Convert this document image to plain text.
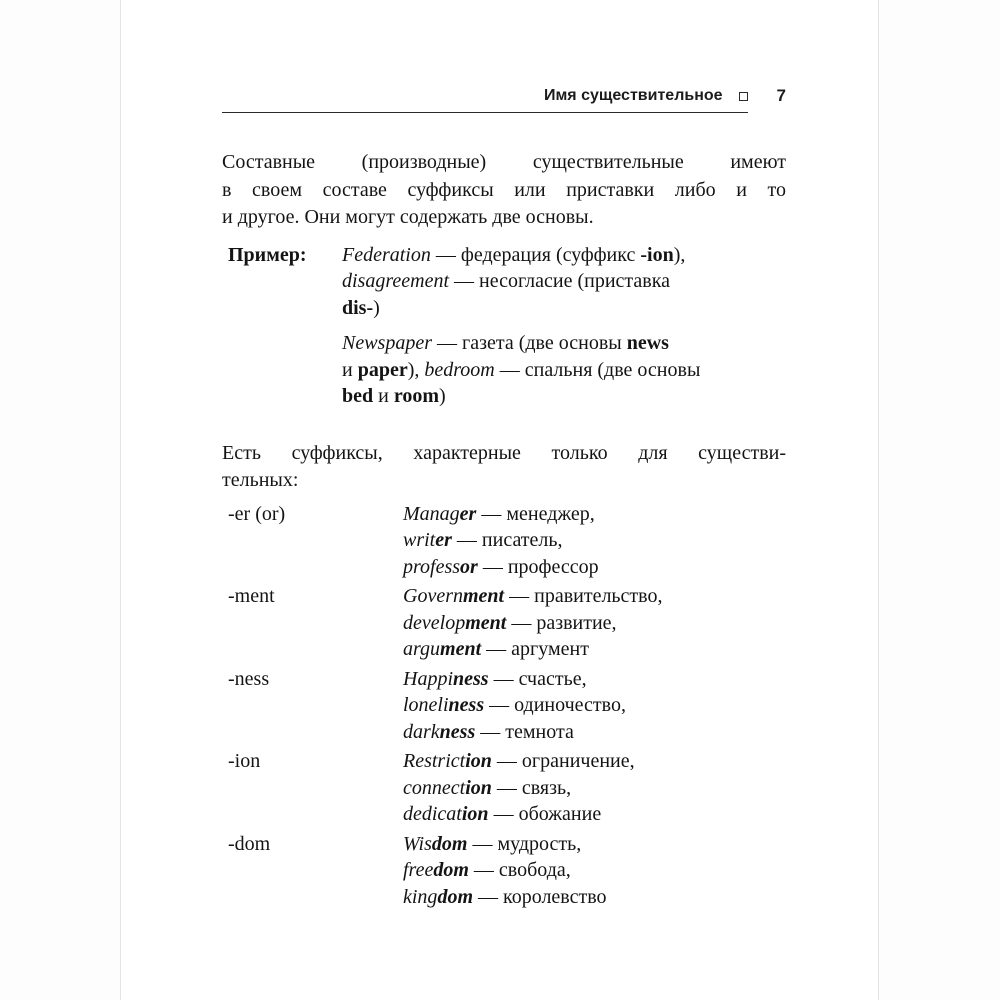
Имя существительное	7
Составные (производные) существительные имеют
в своем составе суффиксы или приставки либо и то
и другое. Они могут содержать две основы.
Пример:	Federation — федерация (суффикс -ion),
disagreement — несогласие (приставка
dis-)
Newspaper — газета (две основы news
и paper), bedroom — спальня (две основы
bed и room)
Есть суффиксы, характерные только для существи-
тельных:
-er (or)	Manager — менеджер,
writer — писатель,
professor — профессор
-ment	Government — правительство,
development — развитие,
argument — аргумент
-ness	Happiness — счастье,
loneliness — одиночество,
darkness — темнота
-ion	Restriction — ограничение,
connection — связь,
dedication — обожание
-dom	Wisdom — мудрость,
freedom — свобода,
kingdom — королевство
